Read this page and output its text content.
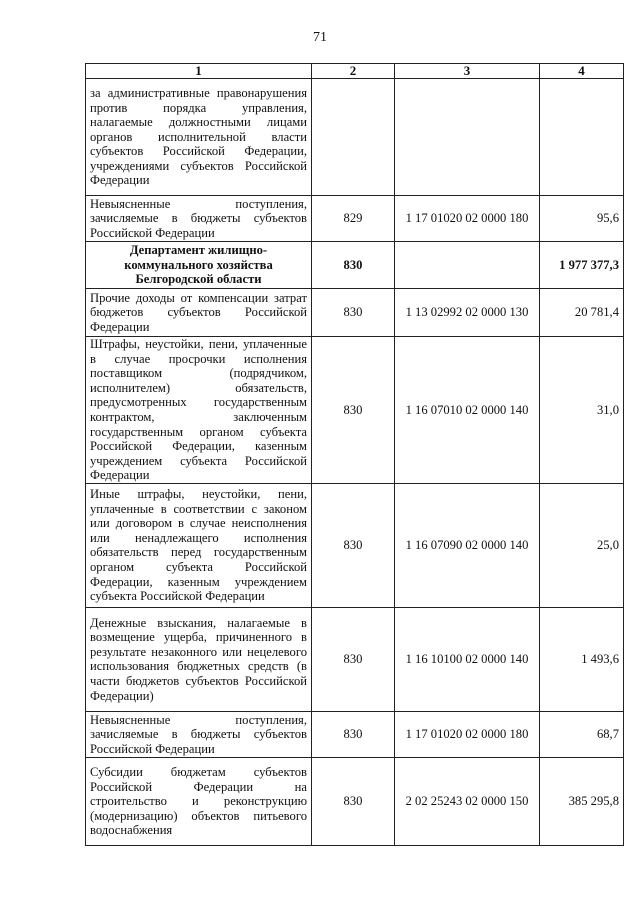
71
1	2	3	4
за административные правонарушения против порядка управления, налагаемые должностными лицами органов исполнительной власти субъектов Российской Федерации, учреждениями субъектов Российской Федерации			
Невыясненные поступления, зачисляемые в бюджеты субъектов Российской Федерации	829	1 17 01020 02 0000 180	95,6
Департамент жилищно-коммунального хозяйства Белгородской области	830		1 977 377,3
Прочие доходы от компенсации затрат бюджетов субъектов Российской Федерации	830	1 13 02992 02 0000 130	20 781,4
Штрафы, неустойки, пени, уплаченные в случае просрочки исполнения поставщиком (подрядчиком, исполнителем) обязательств, предусмотренных государственным контрактом, заключенным государственным органом субъекта Российской Федерации, казенным учреждением субъекта Российской Федерации	830	1 16 07010 02 0000 140	31,0
Иные штрафы, неустойки, пени, уплаченные в соответствии с законом или договором в случае неисполнения или ненадлежащего исполнения обязательств перед государственным органом субъекта Российской Федерации, казенным учреждением субъекта Российской Федерации	830	1 16 07090 02 0000 140	25,0
Денежные взыскания, налагаемые в возмещение ущерба, причиненного в результате незаконного или нецелевого использования бюджетных средств (в части бюджетов субъектов Российской Федерации)	830	1 16 10100 02 0000 140	1 493,6
Невыясненные поступления, зачисляемые в бюджеты субъектов Российской Федерации	830	1 17 01020 02 0000 180	68,7
Субсидии бюджетам субъектов Российской Федерации на строительство и реконструкцию (модернизацию) объектов питьевого водоснабжения	830	2 02 25243 02 0000 150	385 295,8
